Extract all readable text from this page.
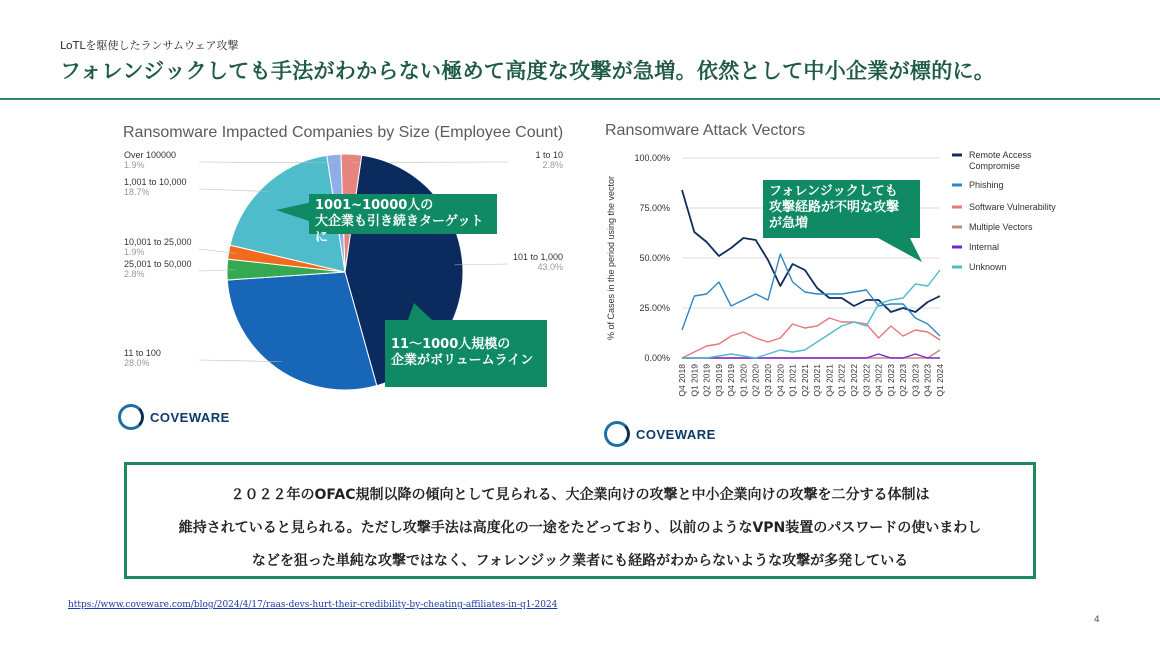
LoTLを駆使したランサムウェア攻撃
フォレンジックしても手法がわからない極めて高度な攻撃が急増。依然として中小企業が標的に。
Ransomware Impacted Companies by Size (Employee Count)
1 to 10
2.8%
101 to 1,000
43.0%
11 to 100
28.0%
25,001 to 50,000
2.8%
10,001 to 25,000
1.9%
1,001 to 10,000
18.7%
Over 100000
1.9%
Ransomware Attack Vectors
100.00%
75.00%
50.00%
25.00%
0.00%
% of Cases in the period using the vector
Q4 2018 Q1 2019 Q2 2019 Q3 2019 Q4 2019 Q1 2020 Q2 2020 Q3 2020 Q4 2020 Q1 2021 Q2 2021 Q3 2021 Q4 2021 Q1 2022 Q2 2022 Q3 2022 Q4 2022 Q1 2023 Q2 2023 Q3 2023 Q4 2023 Q1 2024
Remote Access
Compromise
Phishing
Software Vulnerability
Multiple Vectors
Internal
Unknown
1001~10000人の
大企業も引き続きターゲットに
11～1000人規模の
企業がボリュームライン
フォレンジックしても
攻撃経路が不明な攻撃
が急増
COVEWARE
COVEWARE
２０２２年のOFAC規制以降の傾向として見られる、大企業向けの攻撃と中小企業向けの攻撃を二分する体制は
維持されていると見られる。ただし攻撃手法は高度化の一途をたどっており、以前のようなVPN装置のパスワードの使いまわし
などを狙った単純な攻撃ではなく、フォレンジック業者にも経路がわからないような攻撃が多発している
https://www.coveware.com/blog/2024/4/17/raas-devs-hurt-their-credibility-by-cheating-affiliates-in-q1-2024
4
